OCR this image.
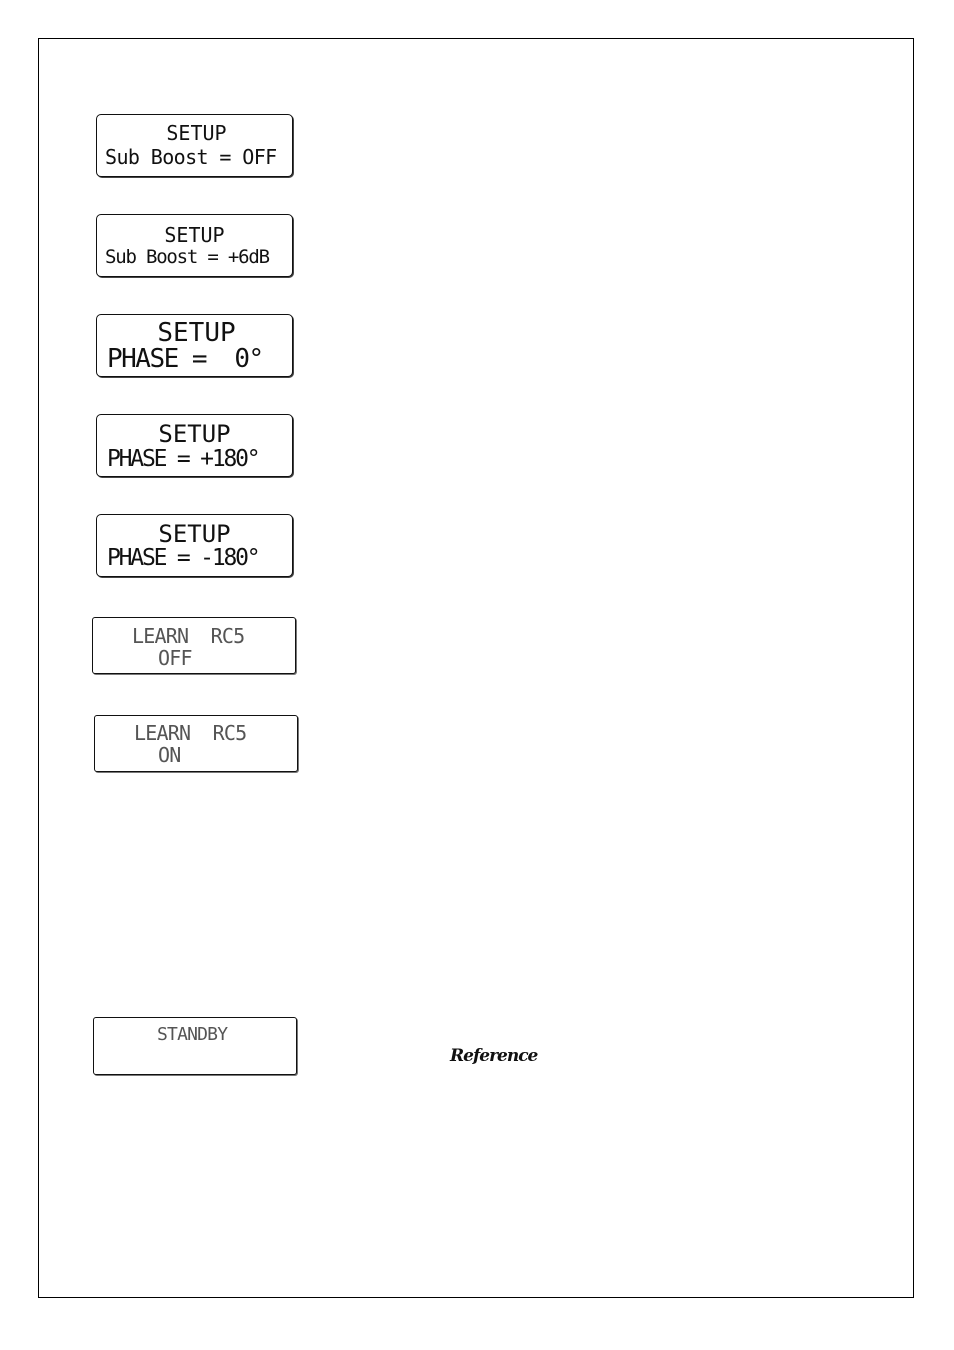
SETUP

Sub Boost = OFF

SETUP

Sub Boost = +6dB

SETUP

PHASE =  0°

SETUP

PHASE = +180°

SETUP

PHASE = -180°

LEARN  RC5

OFF

LEARN  RC5

ON

STANDBY

Reference
